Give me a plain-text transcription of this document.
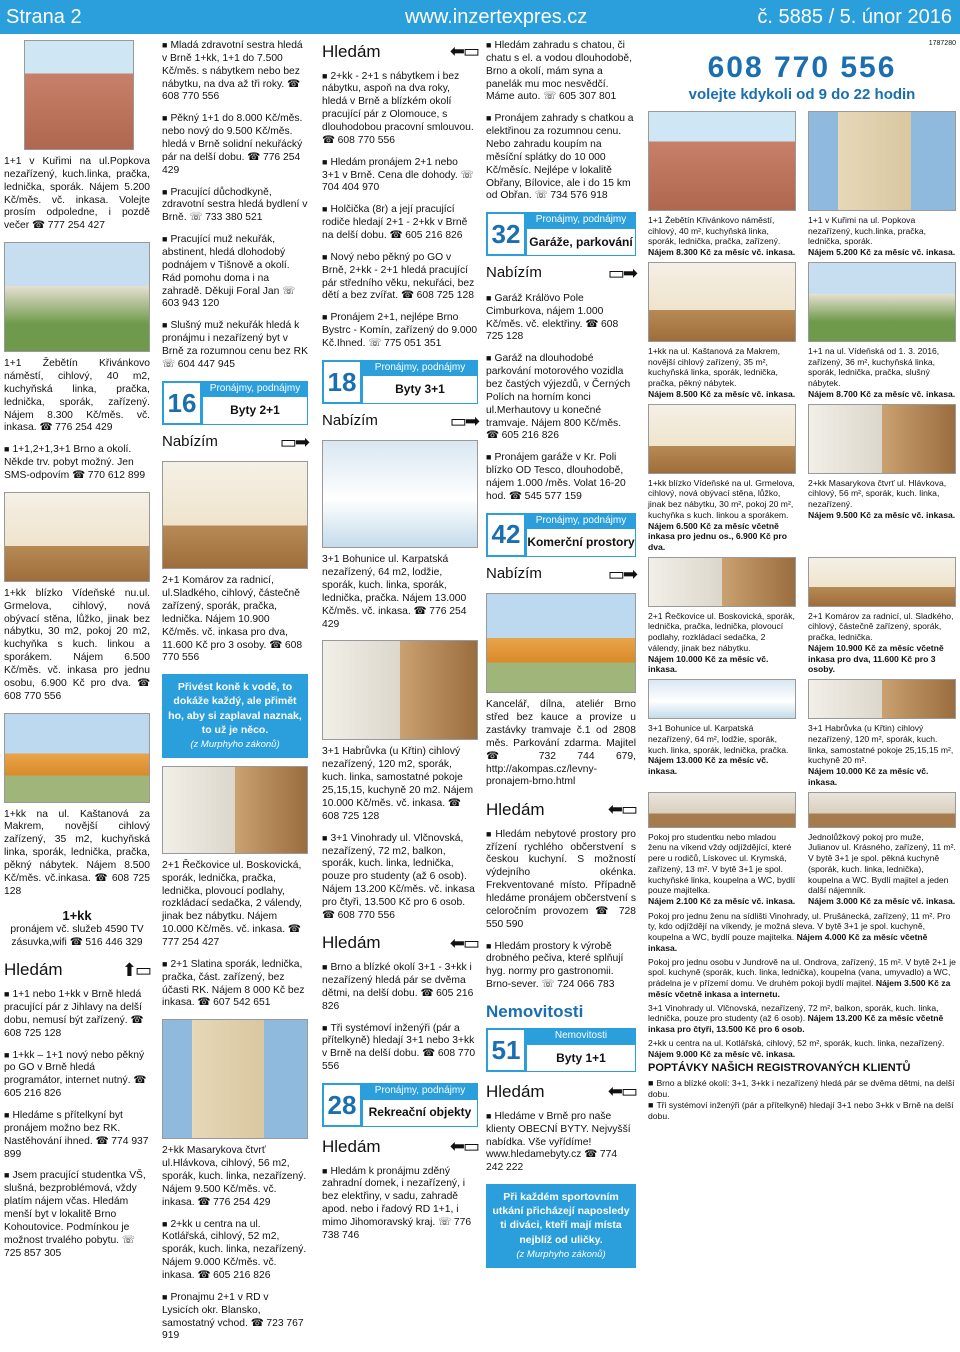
Strana 2	www.inzertexpres.cz	č. 5885 / 5. únor 2016

1+1 v Kuřimi na ul.Popkova nezařízený, kuch.linka, pračka, lednička, sporák. Nájem 5.200 Kč/měs. vč. inkasa. Volejte prosím odpoledne, i pozdě večer ☎ 777 254 427

1+1 Žebětín Křivánkovo náměstí, cihlový, 40 m2, kuchyňská linka, pračka, lednička, sporák, zařízený. Nájem 8.300 Kč/měs. vč. inkasa. ☎ 776 254 429

■ 1+1,2+1,3+1 Brno a okolí. Někde trv. pobyt možný. Jen SMS-odpovím ☎ 770 612 899

1+kk blízko Vídeňské nu.ul. Grmelova, cihlový, nová obývací stěna, lůžko, jinak bez nábytku, 30 m2, pokoj 20 m2, kuchyňka s kuch. linkou a sporákem. Nájem 6.500 Kč/měs. vč. inkasa pro jednu osobu, 6.900 Kč pro dva. ☎ 608 770 556

1+kk na ul. Kaštanová za Makrem, novější cihlový zařízený, 35 m2, kuchyňská linka, sporák, lednička, pračka, pěkný nábytek. Nájem 8.500 Kč/měs. vč.inkasa. ☎ 608 725 128

1+kk

pronájem vč. služeb 4590 TV zásuvka,wifi ☎ 516 446 329

Hledám	⬆▭

■ 1+1 nebo 1+kk v Brně hledá pracující pár z Jihlavy na delší dobu, nemusí být zařízený. ☎ 608 725 128

■ 1+kk – 1+1 nový nebo pěkný po GO v Brně hledá programátor, internet nutný. ☎ 605 216 826

■ Hledáme s přítelkyní byt pronájem možno bez RK. Nastěhování ihned. ☎ 774 937 899

■ Jsem pracující studentka VŠ, slušná, bezproblémová, vždy platím nájem včas. Hledám menší byt v lokalitě Brno Kohoutovice. Podmínkou je možnost trvalého pobytu. ☏ 725 857 305

■ Mladá zdravotní sestra hledá v Brně 1+kk, 1+1 do 7.500 Kč/měs. s nábytkem nebo bez nábytku, na dva až tři roky. ☎ 608 770 556

■ Pěkný 1+1 do 8.000 Kč/měs. nebo nový do 9.500 Kč/měs. hledá v Brně solidní nekuřácký pár na delší dobu. ☎ 776 254 429

■ Pracující důchodkyně, zdravotní sestra hledá bydlení v Brně. ☏ 733 380 521

■ Pracující muž nekuřák, abstinent, hledá dlohodobý podnájem v Tišnově a okolí. Rád pomohu doma i na zahradě. Děkuji Foral Jan ☏ 603 943 120

■ Slušný muž nekuřák hledá k pronájmu i nezařízený byt v Brně za rozumnou cenu bez RK ☏ 604 447 945

16	Pronájmy, podnájmy
Byty 2+1
Nabízím	▭➡

2+1 Komárov za radnicí, ul.Sladkého, cihlový, částečně zařízený, sporák, pračka, lednička. Nájem 10.900 Kč/měs. vč. inkasa pro dva, 11.600 Kč pro 3 osoby. ☎ 608 770 556

Přivést koně k vodě, to dokáže každý, ale přimět ho, aby si zaplaval naznak, to už je něco.
(z Murphyho zákonů)

2+1 Řečkovice ul. Boskovická, sporák, lednička, pračka, lednička, plovoucí podlahy, rozkládací sedačka, 2 válendy, jinak bez nábytku. Nájem 10.000 Kč/měs. vč. inkasa. ☎ 777 254 427

■ 2+1 Slatina sporák, lednička, pračka, část. zařízený, bez účasti RK. Nájem 8 000 Kč bez inkasa. ☎ 607 542 651

2+kk Masarykova čtvrť ul.Hlávkova, cihlový, 56 m2, sporák, kuch. linka, nezařízený. Nájem 9.500 Kč/měs. vč. inkasa. ☎ 776 254 429

■ 2+kk u centra na ul. Kotlářská, cihlový, 52 m2, sporák, kuch. linka, nezařízený. Nájem 9.000 Kč/měs. vč. inkasa. ☎ 605 216 826

■ Pronajmu 2+1 v RD v Lysicích okr. Blansko, samostatný vchod. ☎ 723 767 919

Hledám	⬅▭

■ 2+kk - 2+1 s nábytkem i bez nábytku, aspoň na dva roky, hledá v Brně a blízkém okolí pracující pár z Olomouce, s dlouhodobou pracovní smlouvou. ☎ 608 770 556

■ Hledám pronájem 2+1 nebo 3+1 v Brně. Cena dle dohody. ☏ 704 404 970

■ Holčička (8r) a její pracující rodiče hledají 2+1 - 2+kk v Brně na delší dobu. ☎ 605 216 826

■ Nový nebo pěkný po GO v Brně, 2+kk - 2+1 hledá pracující pár středního věku, nekuřáci, bez dětí a bez zvířat. ☎ 608 725 128

■ Pronájem 2+1, nejlépe Brno Bystrc - Komín, zařízený do 9.000 Kč.Ihned. ☏ 775 051 351

18	Pronájmy, podnájmy
Byty 3+1
Nabízím	▭➡

3+1 Bohunice ul. Karpatská nezařízený, 64 m2, lodžie, sporák, kuch. linka, sporák, lednička, pračka. Nájem 13.000 Kč/měs. vč. inkasa. ☎ 776 254 429

3+1 Habrůvka (u Křtin) cihlový nezařízený, 120 m2, sporák, kuch. linka, samostatné pokoje 25,15,15, kuchyně 20 m2. Nájem 10.000 Kč/měs. vč. inkasa. ☎ 608 725 128

■ 3+1 Vinohrady ul. Vlčnovská, nezařízený, 72 m2, balkon, sporák, kuch. linka, lednička, pouze pro studenty (až 6 osob). Nájem 13.200 Kč/měs. vč. inkasa pro čtyři, 13.500 Kč pro 6 osob. ☎ 608 770 556

Hledám	⬅▭

■ Brno a blízké okolí 3+1 - 3+kk i nezařízený hledá pár se dvěma dětmi, na delší dobu. ☎ 605 216 826

■ Tři systémoví inženýři (pár a přítelkyně) hledají 3+1 nebo 3+kk v Brně na delší dobu. ☎ 608 770 556

28	Pronájmy, podnájmy
Rekreační objekty
Hledám	⬅▭

■ Hledám k pronájmu zděný zahradní domek, i nezařízený, i bez elektřiny, v sadu, zahradě apod. nebo i řadový RD 1+1, i mimo Jihomoravský kraj. ☏ 776 738 746

■ Hledám zahradu s chatou, či chatu s el. a vodou dlouhodobě, Brno a okolí, mám syna a panelák mu moc nesvědčí. Máme auto. ☏ 605 307 801

■ Pronájem zahrady s chatkou a elektřinou za rozumnou cenu. Nebo zahradu koupím na měsíční splátky do 10 000 Kč/měsíc. Nejlépe v lokalitě Obřany, Bílovice, ale i do 15 km od Obřan. ☏ 734 576 918

32	Pronájmy, podnájmy
Garáže, parkování
Nabízím	▭➡

■ Garáž Králövo Pole Cimburkova, nájem 1.000 Kč/měs. vč. elektřiny. ☎ 608 725 128

■ Garáž na dlouhodobé parkování motorového vozidla bez častých výjezdů, v Černých Polích na horním konci ul.Merhautovy u konečné tramvaje. Nájem 800 Kč/měs. ☎ 605 216 826

■ Pronájem garáže v Kr. Poli blízko OD Tesco, dlouhodobě, nájem 1.000 /měs. Volat 16-20 hod. ☎ 545 577 159

42	Pronájmy, podnájmy
Komerční prostory
Nabízím	▭➡

Kancelář, dílna, ateliér Brno střed bez kauce a provize u zastávky tramvaje č.1 od 2808 měs. Parkování zdarma. Majitel ☎ 732 744 679, http://akompas.cz/levny-pronajem-brno.html

Hledám	⬅▭

■ Hledám nebytové prostory pro zřízení rychlého občerstvení s českou kuchyní. S možností výdejního okénka. Frekventované místo. Případně hledáme pronájem občerstvení s celoročním provozem ☎ 728 550 590

■ Hledám prostory k výrobě drobného pečiva, které splňují hyg. normy pro gastronomii. Brno-sever. ☏ 724 066 783

Nemovitosti
51	Nemovitosti
Byty 1+1
Hledám	⬅▭

■ Hledáme v Brně pro naše klienty OBECNÍ BYTY. Nejvyšší nabídka. Vše vyřídíme! www.hledamebyty.cz ☎ 774 242 222

Při každém sportovním utkání přicházejí naposledy ti diváci, kteří mají místa nejblíž od uličky.
(z Murphyho zákonů)
1787280
608 770 556
volejte kdykoli od 9 do 22 hodin
1+1 Žebětín Křivánkovo náměstí, cihlový, 40 m², kuchyňská linka, sporák, lednička, pračka, zařízený.
Nájem 8.300 Kč za měsíc vč. inkasa.
1+1 v Kuřimi na ul. Popkova nezařízený, kuch.linka, pračka, lednička, sporák.
Nájem 5.200 Kč za měsíc vč. inkasa.
1+kk na ul. Kaštanová za Makrem, novější cihlový zařízený, 35 m², kuchyňská linka, sporák, lednička, pračka, pěkný nábytek.
Nájem 8.500 Kč za měsíc vč. inkasa.
1+1 na ul. Vídeňská od 1. 3. 2016, zařízený, 36 m², kuchyňská linka, sporák, lednička, pračka, slušný nábytek.
Nájem 8.700 Kč za měsíc vč. inkasa.
1+kk blízko Vídeňské na ul. Grmelova, cihlový, nová obývací stěna, lůžko, jinak bez nábytku, 30 m², pokoj 20 m², kuchyňka s kuch. linkou a sporákem.
Nájem 6.500 Kč za měsíc včetně inkasa pro jednu os., 6.900 Kč pro dva.
2+kk Masarykova čtvrť ul. Hlávkova, cihlový, 56 m², sporák, kuch. linka, nezařízený.
Nájem 9.500 Kč za měsíc vč. inkasa.
2+1 Řečkovice ul. Boskovická, sporák, lednička, pračka, lednička, plovoucí podlahy, rozkládací sedačka, 2 válendy, jinak bez nábytku.
Nájem 10.000 Kč za měsíc vč. inkasa.
2+1 Komárov za radnicí, ul. Sladkého, cihlový, částečně zařízený, sporák, pračka, lednička.
Nájem 10.900 Kč za měsíc včetně inkasa pro dva, 11.600 Kč pro 3 osoby.
3+1 Bohunice ul. Karpatská nezařízený, 64 m², lodžie, sporák, kuch. linka, sporák, lednička, pračka.
Nájem 13.000 Kč za měsíc vč. inkasa.
3+1 Habrůvka (u Křtin) cihlový nezařízený, 120 m², sporák, kuch. linka, samostatné pokoje 25,15,15 m², kuchyně 20 m².
Nájem 10.000 Kč za měsíc vč. inkasa.
Pokoj pro studentku nebo mladou ženu na víkend vždy odjíždějící, které pere u rodičů, Lískovec ul. Krymská, zařízený, 13 m². V bytě 3+1 je spol. kuchyňské linka, koupelna a WC, bydlí pouze majitelka.
Nájem 2.100 Kč za měsíc vč. inkasa.
Jednolůžkový pokoj pro muže, Julianov ul. Krásného, zařízený, 11 m². V bytě 3+1 je spol. pěkná kuchyně (sporák, kuch. linka, lednička), koupelna a WC. Bydlí majitel a jeden další nájemník.
Nájem 3.000 Kč za měsíc vč. inkasa.
Pokoj pro jednu ženu na sídlišti Vinohrady, ul. Prušánecká, zařízený, 11 m². Pro ty, kdo odjíždějí na víkendy, je možná sleva. V bytě 3+1 je spol. kuchyně, koupelna a WC, bydlí pouze majitelka. Nájem 4.000 Kč za měsíc včetně inkasa.
Pokoj pro jednu osobu v Jundrově na ul. Ondrova, zařízený, 15 m². V bytě 2+1 je spol. kuchyně (sporák, kuch. linka, lednička), koupelna (vana, umyvadlo) a WC, prádelna je v přízemí domu. Ve druhém pokoji bydlí majitel. Nájem 3.500 Kč za měsíc včetně inkasa a internetu.
3+1 Vinohrady ul. Vlčnovská, nezařízený, 72 m², balkon, sporák, kuch. linka, lednička, pouze pro studenty (až 6 osob). Nájem 13.200 Kč za měsíc včetně inkasa pro čtyři, 13.500 Kč pro 6 osob.
2+kk u centra na ul. Kotlářská, cihlový, 52 m², sporák, kuch. linka, nezařízený. Nájem 9.000 Kč za měsíc vč. inkasa.
POPTÁVKY NAŠICH REGISTROVANÝCH KLIENTŮ
■ Brno a blízké okolí: 3+1, 3+kk i nezařízený hledá pár se dvěma dětmi, na delší dobu.
■ Tři systémoví inženýři (pár a přítelkyně) hledají 3+1 nebo 3+kk v Brně na delší dobu.
